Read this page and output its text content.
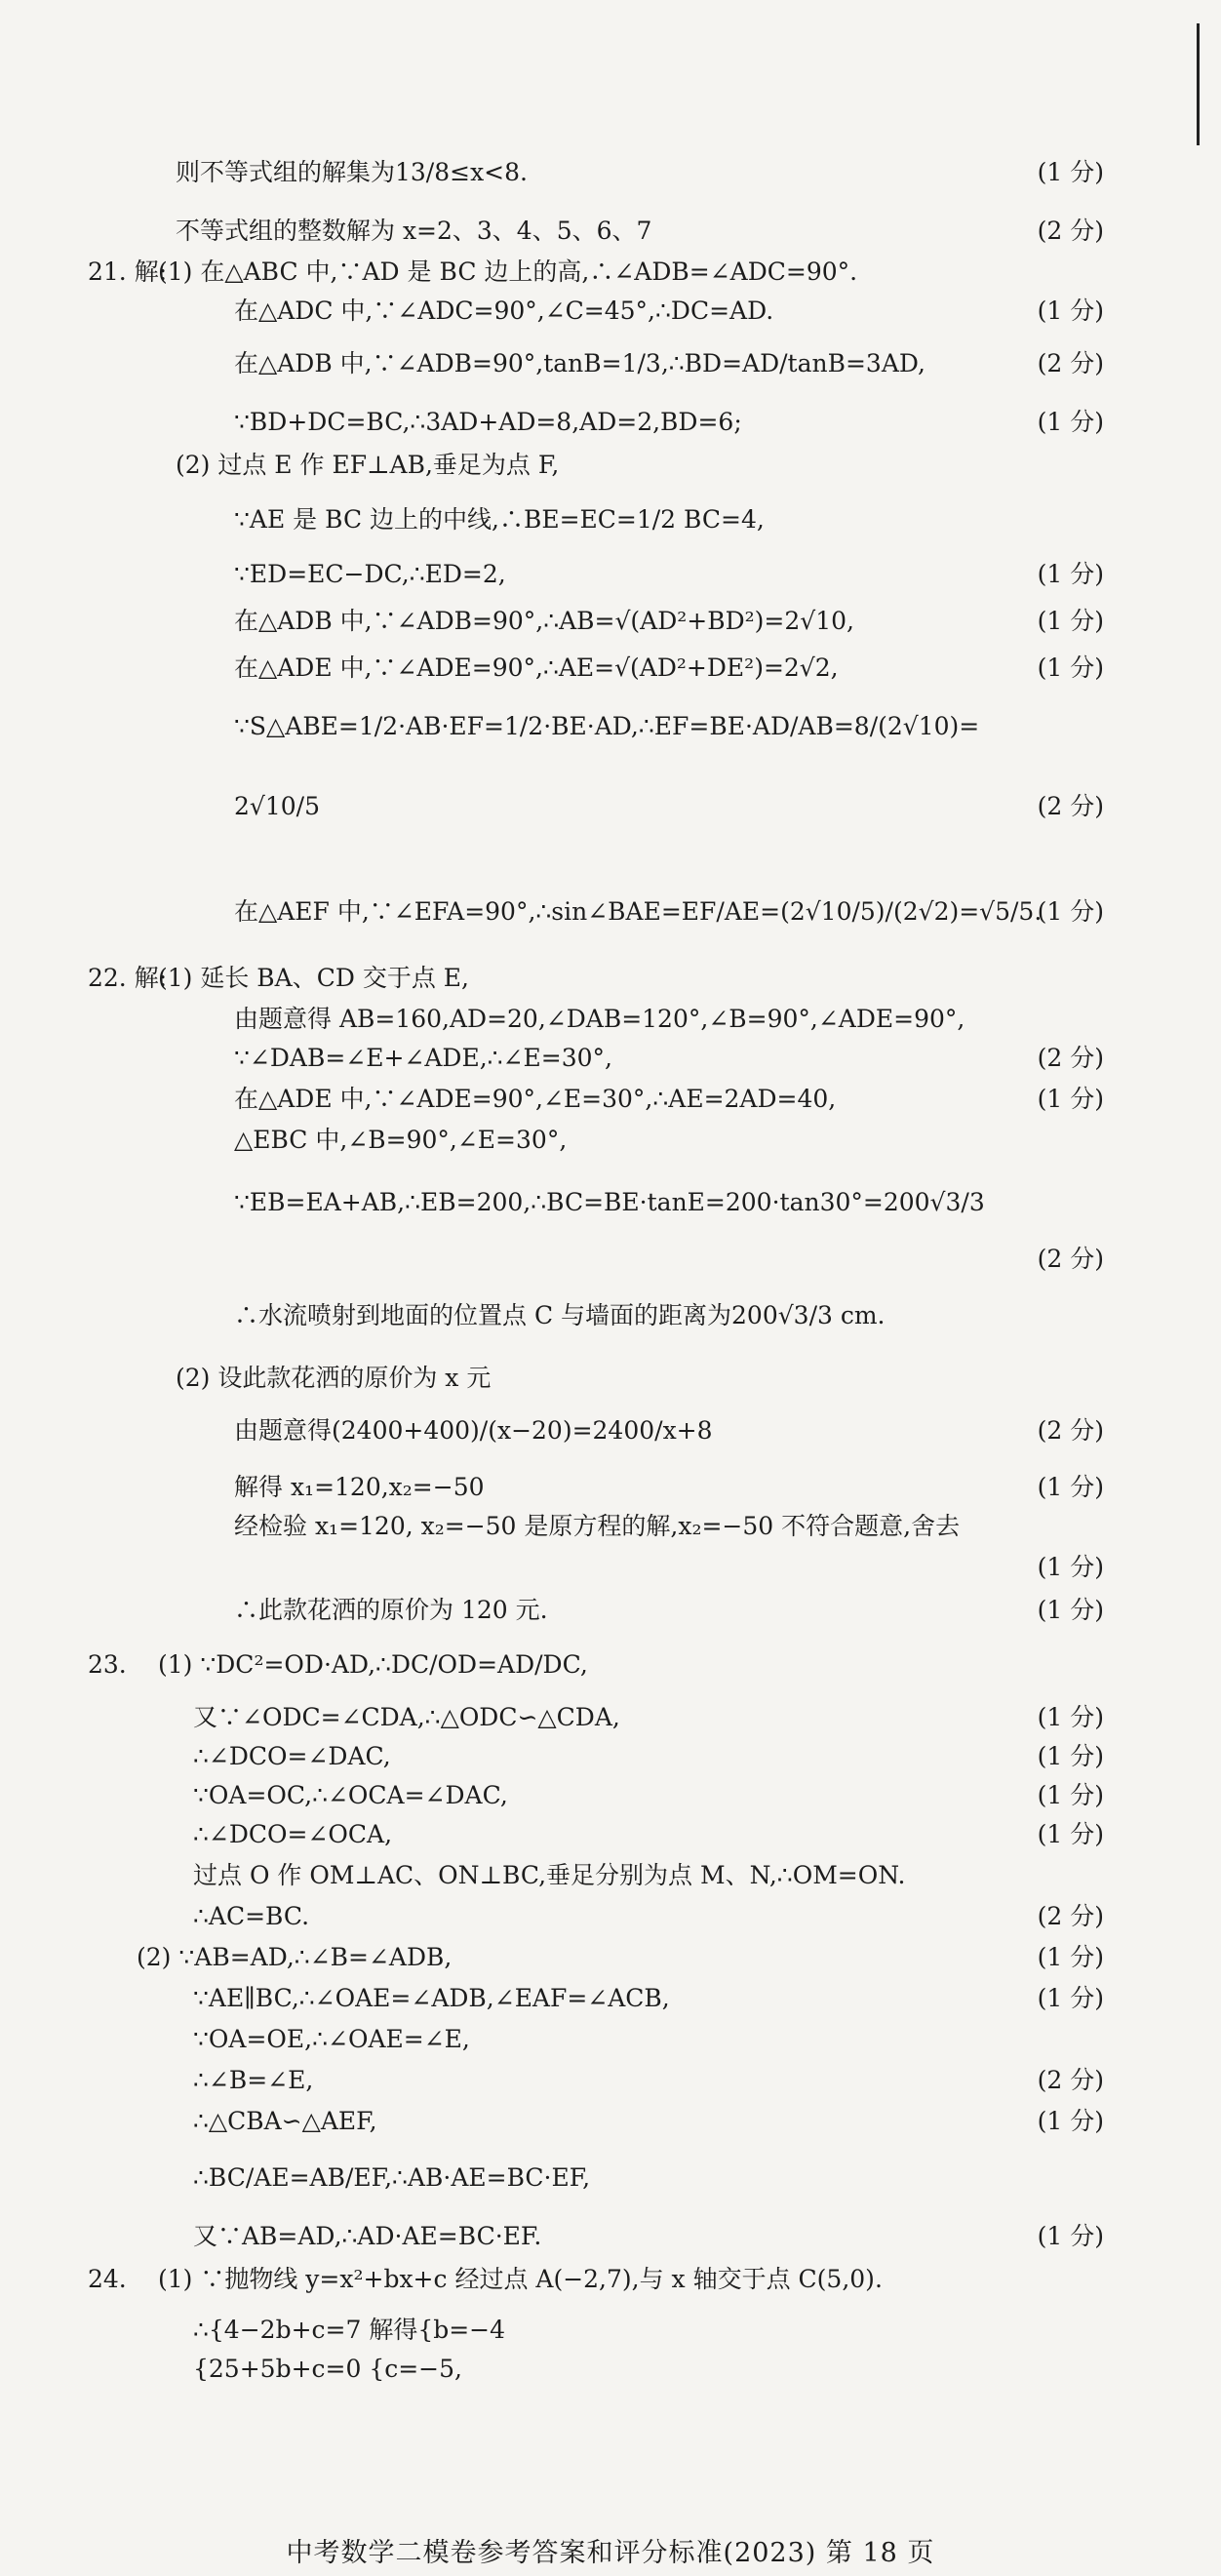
则不等式组的解集为13/8≤x<8.	(1 分)
不等式组的整数解为 x=2、3、4、5、6、7	(2 分)
21. 解:(1) 在△ABC 中,∵AD 是 BC 边上的高,∴∠ADB=∠ADC=90°.
在△ADC 中,∵∠ADC=90°,∠C=45°,∴DC=AD.	(1 分)
在△ADB 中,∵∠ADB=90°,tanB=1/3,∴BD=AD/tanB=3AD,	(2 分)
∵BD+DC=BC,∴3AD+AD=8,AD=2,BD=6;	(1 分)
(2) 过点 E 作 EF⊥AB,垂足为点 F,
∵AE 是 BC 边上的中线,∴BE=EC=1/2 BC=4,
∵ED=EC−DC,∴ED=2,	(1 分)
在△ADB 中,∵∠ADB=90°,∴AB=√(AD²+BD²)=2√10,	(1 分)
在△ADE 中,∵∠ADE=90°,∴AE=√(AD²+DE²)=2√2,	(1 分)
∵S△ABE=1/2·AB·EF=1/2·BE·AD,∴EF=BE·AD/AB=8/(2√10)=
2√10/5	(2 分)
在△AEF 中,∵∠EFA=90°,∴sin∠BAE=EF/AE=(2√10/5)/(2√2)=√5/5.
(1 分)
22. 解:(1) 延长 BA、CD 交于点 E,
由题意得 AB=160,AD=20,∠DAB=120°,∠B=90°,∠ADE=90°,
∵∠DAB=∠E+∠ADE,∴∠E=30°,	(2 分)
在△ADE 中,∵∠ADE=90°,∠E=30°,∴AE=2AD=40,	(1 分)
△EBC 中,∠B=90°,∠E=30°,
∵EB=EA+AB,∴EB=200,∴BC=BE·tanE=200·tan30°=200√3/3
(2 分)
∴水流喷射到地面的位置点 C 与墙面的距离为200√3/3 cm.
(2) 设此款花洒的原价为 x 元
由题意得(2400+400)/(x−20)=2400/x+8	(2 分)
解得 x₁=120,x₂=−50	(1 分)
经检验 x₁=120, x₂=−50 是原方程的解,x₂=−50 不符合题意,舍去
(1 分)
∴此款花洒的原价为 120 元.	(1 分)
23. (1) ∵DC²=OD·AD,∴DC/OD=AD/DC,
又∵∠ODC=∠CDA,∴△ODC∽△CDA,	(1 分)
∴∠DCO=∠DAC,	(1 分)
∵OA=OC,∴∠OCA=∠DAC,	(1 分)
∴∠DCO=∠OCA,	(1 分)
过点 O 作 OM⊥AC、ON⊥BC,垂足分别为点 M、N,∴OM=ON.
∴AC=BC.	(2 分)
(2) ∵AB=AD,∴∠B=∠ADB,	(1 分)
∵AE∥BC,∴∠OAE=∠ADB,∠EAF=∠ACB,	(1 分)
∵OA=OE,∴∠OAE=∠E,
∴∠B=∠E,	(2 分)
∴△CBA∽△AEF,	(1 分)
∴BC/AE=AB/EF,∴AB·AE=BC·EF,
又∵AB=AD,∴AD·AE=BC·EF.	(1 分)
24. (1) ∵抛物线 y=x²+bx+c 经过点 A(−2,7),与 x 轴交于点 C(5,0).
∴{4−2b+c=7 解得{b=−4
{25+5b+c=0 {c=−5,
中考数学二模卷参考答案和评分标准(2023) 第 18 页
